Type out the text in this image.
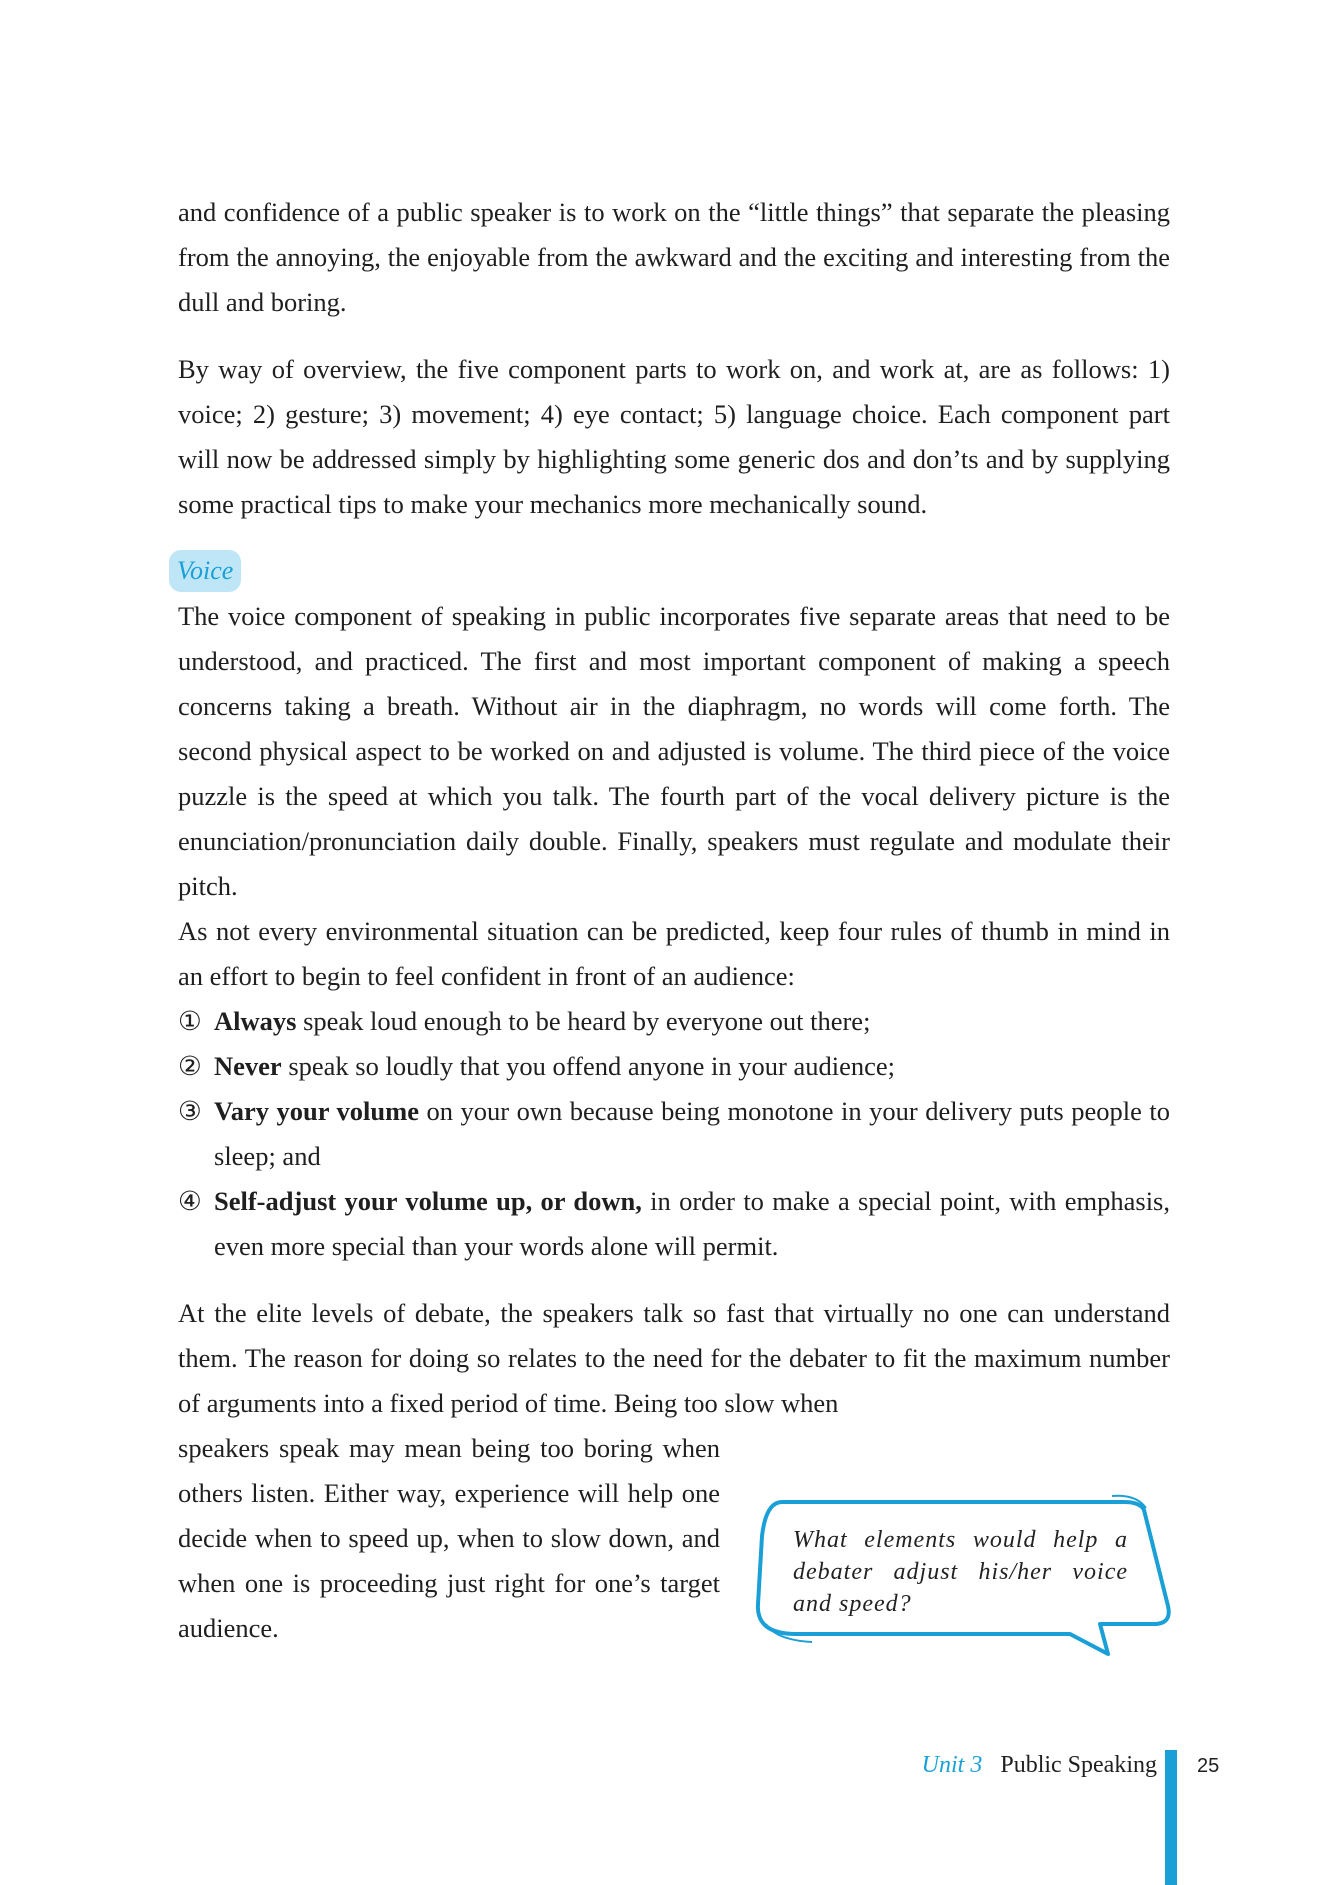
and confidence of a public speaker is to work on the “little things” that separate the pleasing from the annoying, the enjoyable from the awkward and the exciting and interesting from the dull and boring.

By way of overview, the five component parts to work on, and work at, are as follows: 1) voice; 2) gesture; 3) movement; 4) eye contact; 5) language choice. Each component part will now be addressed simply by highlighting some generic dos and don’ts and by supplying some practical tips to make your mechanics more mechanically sound.

Voice

The voice component of speaking in public incorporates five separate areas that need to be understood, and practiced. The first and most important component of making a speech concerns taking a breath. Without air in the diaphragm, no words will come forth. The second physical aspect to be worked on and adjusted is volume. The third piece of the voice puzzle is the speed at which you talk. The fourth part of the vocal delivery picture is the enunciation/pronunciation daily double. Finally, speakers must regulate and modulate their pitch.

As not every environmental situation can be predicted, keep four rules of thumb in mind in an effort to begin to feel confident in front of an audience:

① Always speak loud enough to be heard by everyone out there;
② Never speak so loudly that you offend anyone in your audience;
③ Vary your volume on your own because being monotone in your delivery puts people to sleep; and
④ Self-adjust your volume up, or down, in order to make a special point, with emphasis, even more special than your words alone will permit.

At the elite levels of debate, the speakers talk so fast that virtually no one can understand them. The reason for doing so relates to the need for the debater to fit the maximum number of arguments into a fixed period of time. Being too slow when

speakers speak may mean being too boring when others listen. Either way, experience will help one decide when to speed up, when to slow down, and when one is proceeding just right for one’s target audience.

What elements would help a debater adjust his/her voice and speed?
Unit 3 Public Speaking 25
